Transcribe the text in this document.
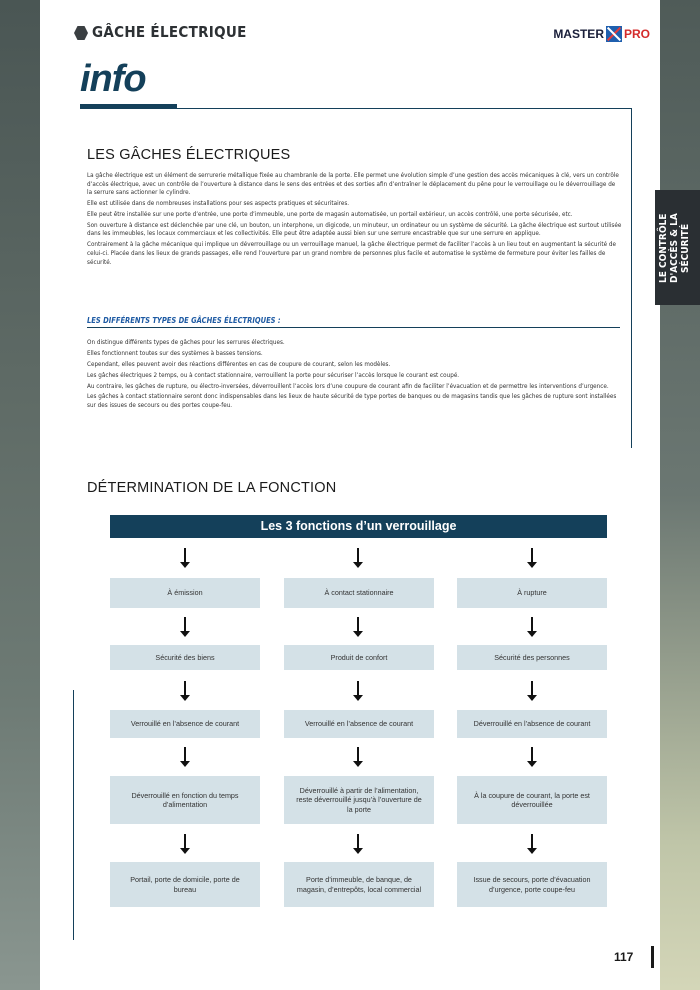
GÂCHE ÉLECTRIQUE	MASTER PRO
info
LE CONTRÔLE D'ACCÈS & LA SÉCURITÉ
LES GÂCHES ÉLECTRIQUES

La gâche électrique est un élément de serrurerie métallique fixée au chambranle de la porte. Elle permet une évolution simple d’une gestion des accès mécaniques à clé, vers un contrôle d’accès électrique, avec un contrôle de l’ouverture à distance dans le sens des entrées et des sorties afin d’entraîner le déplacement du pêne pour le verrouillage ou le déverrouillage de la serrure sans actionner le cylindre.

Elle est utilisée dans de nombreuses installations pour ses aspects pratiques et sécuritaires.

Elle peut être installée sur une porte d’entrée, une porte d’immeuble, une porte de magasin automatisée, un portail extérieur, un accès contrôlé, une porte sécurisée, etc.

Son ouverture à distance est déclenchée par une clé, un bouton, un interphone, un digicode, un minuteur, un ordinateur ou un système de sécurité. La gâche électrique est surtout utilisée dans les immeubles, les locaux commerciaux et les collectivités. Elle peut être adaptée aussi bien sur une serrure encastrable que sur une serrure en applique.

Contrairement à la gâche mécanique qui implique un déverrouillage ou un verrouillage manuel, la gâche électrique permet de faciliter l’accès à un lieu tout en augmentant la sécurité de celui-ci. Placée dans les lieux de grands passages, elle rend l’ouverture par un grand nombre de personnes plus facile et automatise le système de fermeture pour éviter les failles de sécurité.

LES DIFFÉRENTS TYPES DE GÂCHES ÉLECTRIQUES :

On distingue différents types de gâches pour les serrures électriques.

Elles fonctionnent toutes sur des systèmes à basses tensions.

Cependant, elles peuvent avoir des réactions différentes en cas de coupure de courant, selon les modèles.

Les gâches électriques 2 temps, ou à contact stationnaire, verrouillent la porte pour sécuriser l’accès lorsque le courant est coupé.

Au contraire, les gâches de rupture, ou électro-inversées, déverrouillent l’accès lors d’une coupure de courant afin de faciliter l’évacuation et de permettre les interventions d’urgence.

Les gâches à contact stationnaire seront donc indispensables dans les lieux de haute sécurité de type portes de banques ou de magasins tandis que les gâches de rupture sont installées sur des issues de secours ou des portes coupe-feu.

DÉTERMINATION DE LA FONCTION
Les 3 fonctions d’un verrouillage
À émission
Sécurité des biens
Verrouillé en l’absence de courant
Déverrouillé en fonction du temps d’alimentation
Portail, porte de domicile, porte de bureau
À contact stationnaire
Produit de confort
Verrouillé en l’absence de courant
Déverrouillé à partir de l’alimentation, reste déverrouillé jusqu’à l’ouverture de la porte
Porte d’immeuble, de banque, de magasin, d’entrepôts, local commercial
À rupture
Sécurité des personnes
Déverrouillé en l’absence de courant
À la coupure de courant, la porte est déverrouillée
Issue de secours, porte d’évacuation d’urgence, porte coupe-feu
117
